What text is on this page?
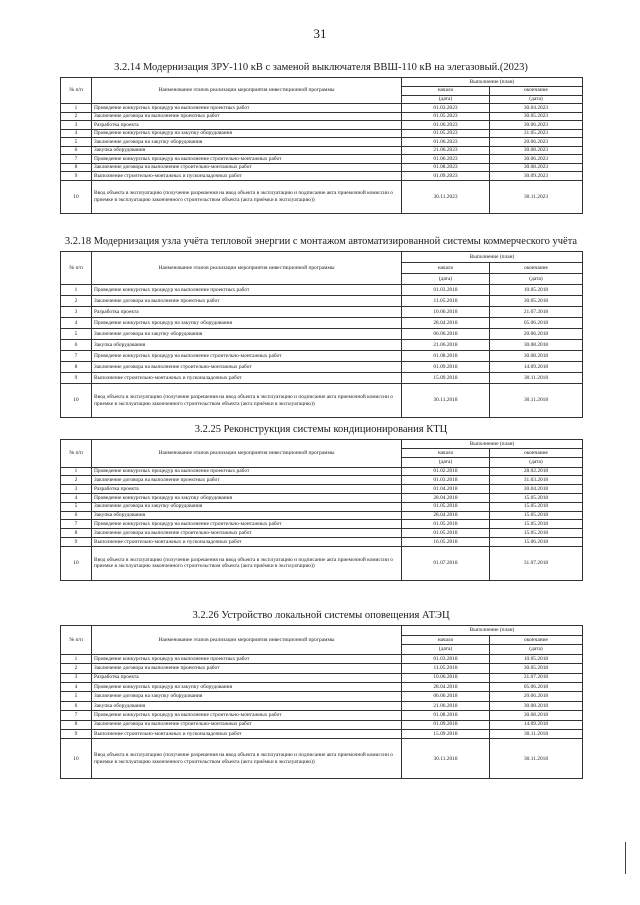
31
3.2.14 Модернизация ЗРУ-110 кВ с заменой выключателя ВВШ-110 кВ на элегазовый.(2023)
№ п/п	Наименование этапов реализации мероприятия инвестиционной программы	Выполнение (план)	
		начало	окончание
		(дата)	(дата)
1	Проведение конкурсных процедур на выполнение проектных работ	01.03.2023	30.04.2023
2	Заключение договора на выполнение проектных работ	01.05.2023	30.05.2023
3	Разработка проекта	01.06.2023	30.06.2023
4	Проведение конкурсных процедур на закупку оборудования	01.05.2023	31.05.2023
5	Заключение договора на закупку оборудования	01.06.2023	20.06.2023
6	Закупка оборудования	21.06.2023	30.08.2023
7	Проведение конкурсных процедур на выполнение строительно-монтажных работ	01.06.2023	30.06.2023
8	Заключение договора на выполнение строительно-монтажных работ	01.08.2023	30.08.2023
9	Выполнение строительно-монтажных и пусконаладочных работ	01.09.2023	30.09.2023
10	Ввод объекта в эксплуатацию (получение разрешения на ввод объекта в эксплуатацию и подписание акта приемочной комиссии о приемке в эксплуатацию законченного строительством объекта (акта приёмки в эксплуатацию))	30.11.2023	30.11.2023
3.2.18 Модернизация узла учёта тепловой энергии с монтажом автоматизированной системы коммерческого учёта
№ п/п	Наименование этапов реализации мероприятия инвестиционной программы	Выполнение (план)	
		начало	окончание
		(дата)	(дата)
1	Проведение конкурсных процедур на выполнение проектных работ	01.03.2018	10.05.2018
2	Заключение договора на выполнение проектных работ	11.05.2018	30.05.2018
3	Разработка проекта	10.06.2018	21.07.2018
4	Проведение конкурсных процедур на закупку оборудования	28.04.2018	05.06.2018
5	Заключение договора на закупку оборудования	06.06.2018	20.06.2018
6	Закупка оборудования	21.06.2018	30.08.2018
7	Проведение конкурсных процедур на выполнение строительно-монтажных работ	01.08.2018	30.08.2018
8	Заключение договора на выполнение строительно-монтажных работ	01.09.2018	14.09.2018
9	Выполнение строительно-монтажных и пусконаладочных работ	15.09.2018	30.11.2018
10	Ввод объекта в эксплуатацию (получение разрешения на ввод объекта в эксплуатацию и подписание акта приемочной комиссии о приемке в эксплуатацию законченного строительством объекта (акта приёмки в эксплуатацию))	30.11.2018	30.11.2018
3.2.25 Реконструкция системы кондиционирования КТЦ
№ п/п	Наименование этапов реализации мероприятия инвестиционной программы	Выполнение (план)	
		начало	окончание
		(дата)	(дата)
1	Проведение конкурсных процедур на выполнение проектных работ	01.02.2018	28.02.2018
2	Заключение договора на выполнение проектных работ	01.03.2018	31.03.2018
3	Разработка проекта	01.04.2018	30.04.2018
4	Проведение конкурсных процедур на закупку оборудования	28.04.2018	15.05.2018
5	Заключение договора на закупку оборудования	01.05.2018	15.05.2018
6	Закупка оборудования	28.04.2018	15.05.2018
7	Проведение конкурсных процедур на выполнение строительно-монтажных работ	01.05.2018	15.05.2018
8	Заключение договора на выполнение строительно-монтажных работ	01.05.2018	15.05.2018
9	Выполнение строительно-монтажных и пусконаладочных работ	16.05.2018	15.06.2018
10	Ввод объекта в эксплуатацию (получение разрешения на ввод объекта в эксплуатацию и подписание акта приемочной комиссии о приемке в эксплуатацию законченного строительством объекта (акта приёмки в эксплуатацию))	01.07.2018	31.07.2018
3.2.26 Устройство локальной системы оповещения АТЭЦ
№ п/п	Наименование этапов реализации мероприятия инвестиционной программы	Выполнение (план)	
		начало	окончание
		(дата)	(дата)
1	Проведение конкурсных процедур на выполнение проектных работ	01.03.2018	10.05.2018
2	Заключение договора на выполнение проектных работ	11.05.2018	30.05.2018
3	Разработка проекта	10.06.2018	21.07.2018
4	Проведение конкурсных процедур на закупку оборудования	28.04.2018	05.06.2018
5	Заключение договора на закупку оборудования	06.06.2018	20.06.2018
6	Закупка оборудования	21.06.2018	30.08.2018
7	Проведение конкурсных процедур на выполнение строительно-монтажных работ	01.08.2018	30.08.2018
8	Заключение договора на выполнение строительно-монтажных работ	01.09.2018	14.09.2018
9	Выполнение строительно-монтажных и пусконаладочных работ	15.09.2018	30.11.2018
10	Ввод объекта в эксплуатацию (получение разрешения на ввод объекта в эксплуатацию и подписание акта приемочной комиссии о приемке в эксплуатацию законченного строительством объекта (акта приёмки в эксплуатацию))	30.11.2018	30.11.2018
